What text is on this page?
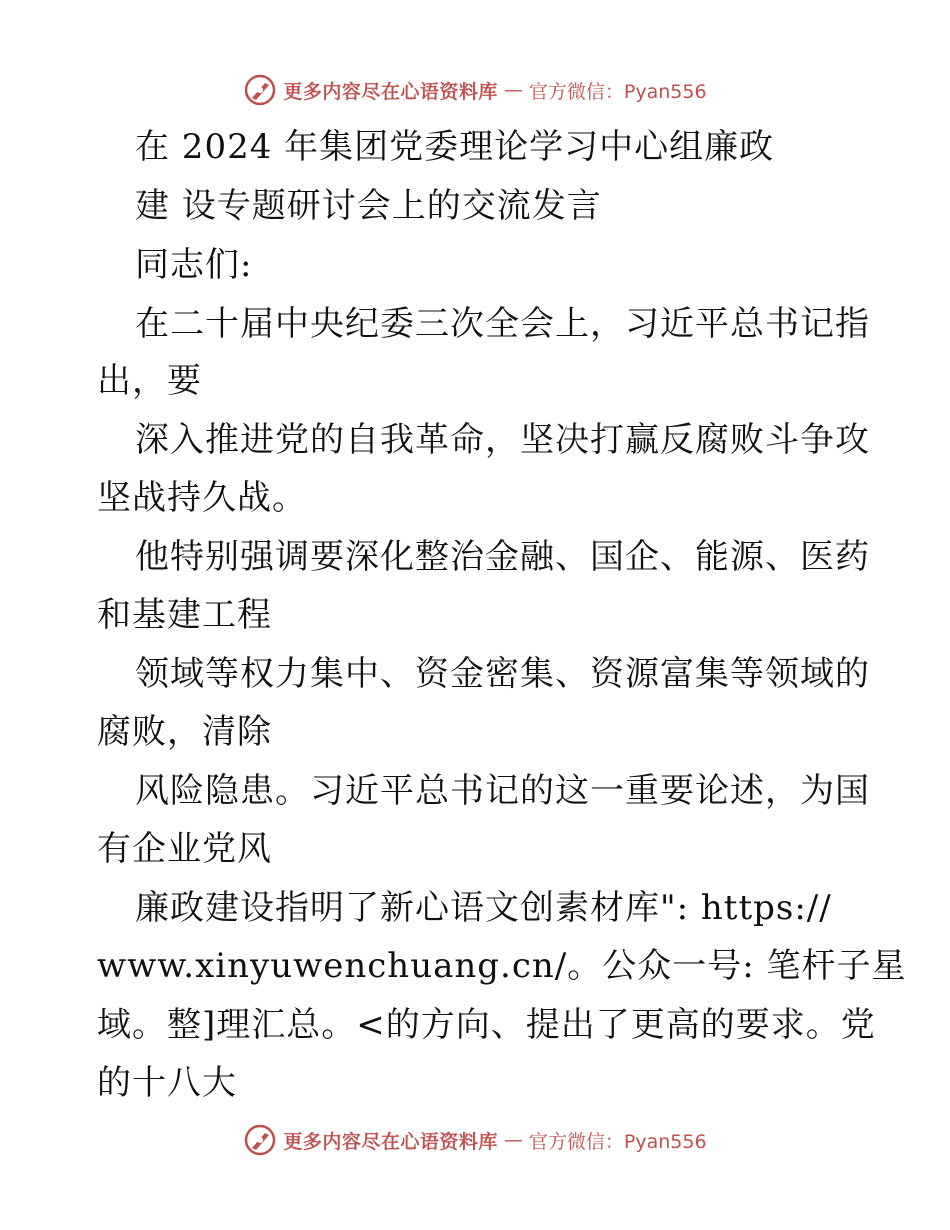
更多内容尽在心语资料库 — 官方微信：Pyan556
在 2024 年集团党委理论学习中心组廉政
建 设专题研讨会上的交流发言
同志们:
在二十届中央纪委三次全会上，习近平总书记指
出，要
深入推进党的自我革命，坚决打赢反腐败斗争攻
坚战持久战。
他特别强调要深化整治金融、国企、能源、医药
和基建工程
领域等权力集中、资金密集、资源富集等领域的
腐败，清除
风险隐患。习近平总书记的这一重要论述，为国
有企业党风
廉政建设指明了新心语文创素材库": https://
www.xinyuwenchuang.cn/。公众一号: 笔杆子星
域。整]理汇总。<的方向、提出了更高的要求。党
的十八大
更多内容尽在心语资料库 — 官方微信：Pyan556
